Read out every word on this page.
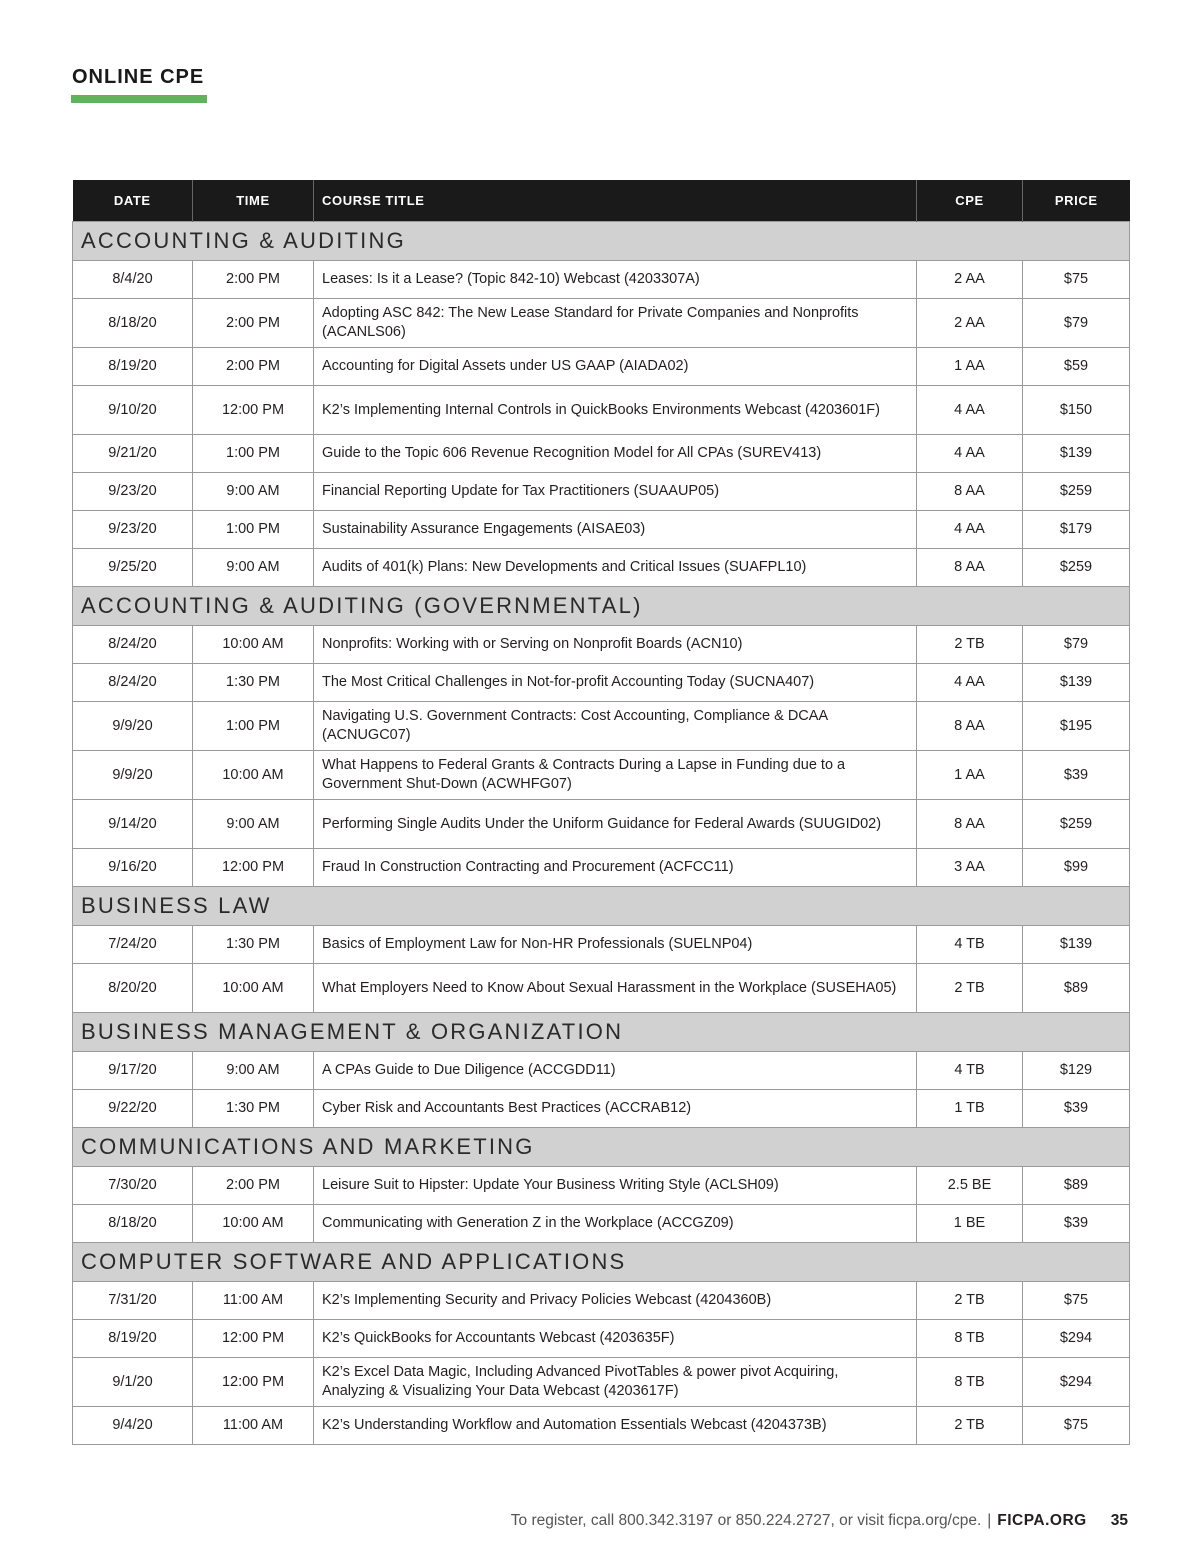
ONLINE CPE
DATE	TIME	COURSE TITLE	CPE	PRICE
ACCOUNTING & AUDITING				
8/4/20	2:00 PM	Leases: Is it a Lease? (Topic 842-10) Webcast (4203307A)	2 AA	$75
8/18/20	2:00 PM	Adopting ASC 842: The New Lease Standard for Private Companies and Nonprofits (ACANLS06)	2 AA	$79
8/19/20	2:00 PM	Accounting for Digital Assets under US GAAP (AIADA02)	1 AA	$59
9/10/20	12:00 PM	K2’s Implementing Internal Controls in QuickBooks Environments Webcast (4203601F)	4 AA	$150
9/21/20	1:00 PM	Guide to the Topic 606 Revenue Recognition Model for All CPAs (SUREV413)	4 AA	$139
9/23/20	9:00 AM	Financial Reporting Update for Tax Practitioners (SUAAUP05)	8 AA	$259
9/23/20	1:00 PM	Sustainability Assurance Engagements (AISAE03)	4 AA	$179
9/25/20	9:00 AM	Audits of 401(k) Plans: New Developments and Critical Issues (SUAFPL10)	8 AA	$259
ACCOUNTING & AUDITING (GOVERNMENTAL)				
8/24/20	10:00 AM	Nonprofits: Working with or Serving on Nonprofit Boards (ACN10)	2 TB	$79
8/24/20	1:30 PM	The Most Critical Challenges in Not-for-profit Accounting Today (SUCNA407)	4 AA	$139
9/9/20	1:00 PM	Navigating U.S. Government Contracts: Cost Accounting, Compliance & DCAA (ACNUGC07)	8 AA	$195
9/9/20	10:00 AM	What Happens to Federal Grants & Contracts During a Lapse in Funding due to a Government Shut-Down (ACWHFG07)	1 AA	$39
9/14/20	9:00 AM	Performing Single Audits Under the Uniform Guidance for Federal Awards (SUUGID02)	8 AA	$259
9/16/20	12:00 PM	Fraud In Construction Contracting and Procurement (ACFCC11)	3 AA	$99
BUSINESS LAW				
7/24/20	1:30 PM	Basics of Employment Law for Non-HR Professionals (SUELNP04)	4 TB	$139
8/20/20	10:00 AM	What Employers Need to Know About Sexual Harassment in the Workplace (SUSEHA05)	2 TB	$89
BUSINESS MANAGEMENT & ORGANIZATION				
9/17/20	9:00 AM	A CPAs Guide to Due Diligence (ACCGDD11)	4 TB	$129
9/22/20	1:30 PM	Cyber Risk and Accountants Best Practices (ACCRAB12)	1 TB	$39
COMMUNICATIONS AND MARKETING				
7/30/20	2:00 PM	Leisure Suit to Hipster: Update Your Business Writing Style (ACLSH09)	2.5 BE	$89
8/18/20	10:00 AM	Communicating with Generation Z in the Workplace (ACCGZ09)	1 BE	$39
COMPUTER SOFTWARE AND APPLICATIONS				
7/31/20	11:00 AM	K2’s Implementing Security and Privacy Policies Webcast (4204360B)	2 TB	$75
8/19/20	12:00 PM	K2’s QuickBooks for Accountants Webcast (4203635F)	8 TB	$294
9/1/20	12:00 PM	K2’s Excel Data Magic, Including Advanced PivotTables & power pivot Acquiring, Analyzing & Visualizing Your Data Webcast (4203617F)	8 TB	$294
9/4/20	11:00 AM	K2’s Understanding Workflow and Automation Essentials Webcast (4204373B)	2 TB	$75
To register, call 800.342.3197 or 850.224.2727, or visit ficpa.org/cpe. | FICPA.ORG 35
